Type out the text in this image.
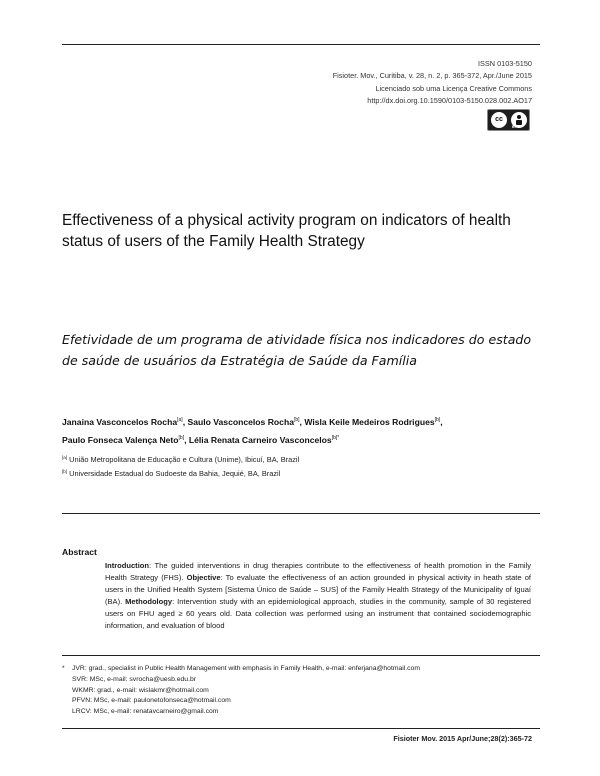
ISSN 0103-5150
Fisioter. Mov., Curitiba, v. 28, n. 2, p. 365-372, Apr./June 2015
Licenciado sob uma Licença Creative Commons
http://dx.doi.org.10.1590/0103-5150.028.002.AO17
cc
BY
Effectiveness of a physical activity program on indicators of health status of users of the Family Health Strategy
Efetividade de um programa de atividade física nos indicadores do estado de saúde de usuários da Estratégia de Saúde da Família
Janaina Vasconcelos Rocha[a], Saulo Vasconcelos Rocha[b], Wisla Keile Medeiros Rodrigues[b],
Paulo Fonseca Valença Neto[b], Lélia Renata Carneiro Vasconcelos$^{[b]*}$
[a] União Metropolitana de Educação e Cultura (Unime), Ibicuí, BA, Brazil
[b] Universidade Estadual do Sudoeste da Bahia, Jequié, BA, Brazil
Abstract
Introduction: The guided interventions in drug therapies contribute to the effectiveness of health promotion in the Family Health Strategy (FHS). Objective: To evaluate the effectiveness of an action grounded in physical activity in heath state of users in the Unified Health System [Sistema Único de Saúde – SUS] of the Family Health Strategy of the Municipality of Iguaí (BA). Methodology: Intervention study with an epidemiological approach, studies in the community, sample of 30 registered users on FHU aged ≥ 60 years old. Data collection was performed using an instrument that contained sociodemographic information, and evaluation of blood
* JVR: grad., specialist in Public Health Management with emphasis in Family Health, e-mail: enferjana@hotmail.com
SVR: MSc, e-mail: svrocha@uesb.edu.br
WKMR: grad., e-mail: wislakmr@hotmail.com
PFVN: MSc, e-mail: paulonetofonseca@hotmail.com
LRCV: MSc, e-mail: renatavcarneiro@gmail.com
Fisioter Mov. 2015 Apr/June;28(2):365-72
